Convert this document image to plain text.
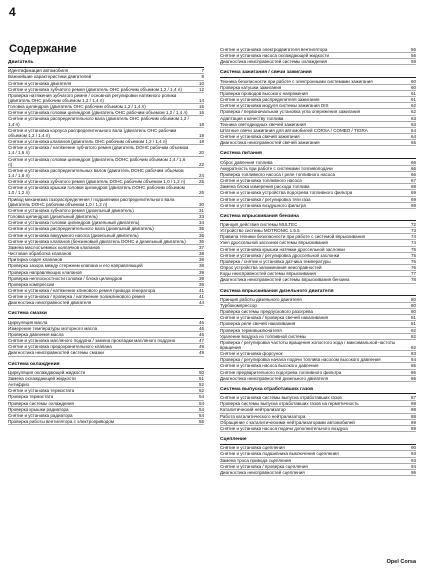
4
Содержание
Двигатель
Идентификация автомобиля	7
Важнейшие характеристики двигателей	9
Снятие и установка двигателя	10
Снятие и установка зубчатого ремня (двигатель ОНС рабочим объемом 1,2 / 1,4 л)	12
Проверка натяжения зубчатого ремня / основной регулировки натяжного ролика (двигатель ОНС рабочим объемом 1,2 / 1,4 л)	14
Головка цилиндров (двигатель ОНС рабочим объемом 1,2 / 1,4 л)	15
Снятие и установка головки цилиндров (двигатель ОНС рабочим объемом 1,2 / 1,4 л)	16
Снятие и установка распределительного вала (двигатель ОНС рабочим объемом 1,2 / 1,4 л)	18
Снятие и установка корпуса распределительного вала (двигатель ОНС рабочим объемом 1,2 / 1,4 л)	19
Снятие и установка клапанов (двигатель ОНС рабочим объемом 1,2 / 1,4 л)	19
Снятие и установка / натяжение зубчатого ремня (двигатель DOHC рабочим объемом 1,4 / 1,6 л)	20
Снятие и установка головки цилиндров (двигатель DOHC рабочим объемом 1,4 / 1,6 л)	22
Снятие и установка распределительных валов (двигатель DOHC рабочим объемом 1,4 / 1,6 л)	24
Снятие и установка зубчатого ремня (двигатель DOHC рабочим объемом 1,0 / 1,2 л)	25
Снятие и установка крышки головки цилиндров (двигатель DOHC рабочим объемом 1,0 / 1,2 л)	26
Привод механизма газораспределения / подшипники распределительного вала (двигатель DOHC рабочим объемом 1,0 / 1,2 л)	30
Снятие и установка зубчатого ремня (дизельный двигатель)	31
Головка цилиндров (дизельный двигатель)	33
Снятие и установка головки цилиндров (дизельный двигатель)	34
Снятие и установка распределительного вала (дизельный двигатель)	35
Снятие и установка вакуумного насоса (дизельный двигатель)	36
Снятие и установка клапанов (бензиновый двигатель DOHC и дизельный двигатель)	36
Замена маслосъемных колпачков клапанов	37
Чистовая обработка клапанов	38
Притирка седел клапанов	38
Проверка зазора между стержнем клапана и его направляющей	38
Проверка направляющих клапанов	39
Проверка неплоскостности головки / блока цилиндров	39
Проверка компрессии	39
Снятие и установка / натяжение клинового ремня привода генератора	41
Снятие и установка / проверка / натяжение поликлинового ремня	41
Диагностика неисправностей двигателя	44
Система смазки
Циркуляция масла	46
Измерение температуры моторного масла	46
Проверка давления масла	46
Снятие и установка масляного поддона / замена прокладки масляного поддона	47
Снятие и установка предохранительного клапана	49
Диагностика неисправностей системы смазки	49
Система охлаждения
Циркуляция охлаждающей жидкости	50
Замена охлаждающей жидкости	51
Антифриз	52
Снятие и установка термостата	52
Проверка термостата	54
Проверка системы охлаждения	54
Проверка крышки радиатора	54
Снятие и установка радиатора	54
Проверка работы вентилятора с электроприводом	55
Снятие и установка электродвигателя вентилятора	56
Снятие и установка насоса охлаждающей жидкости	56
Диагностика неисправностей системы охлаждения	59
Система зажигания / свечи зажигания
Техника безопасности при работе с электронными системами зажигания	60
Проверка катушки зажигания	60
Проверка проводов высокого напряжения	61
Снятие и установка распределителя зажигания	61
Снятие и установка модуля системы зажигания DIS	62
Проверка / первоначальная установка угла опережения зажигания	62
Адаптация к качеству топлива	63
Техника светодиодных свечей зажигания	63
Штатные свечи зажигания для автомобилей CORSA / COMBO / TIGRA	64
Снятие и установка свечей зажигания	64
Диагностика неисправностей свечей зажигания	65
Система питания
Сброс давления топлива	66
Аккуратность при работе с системами топливоподачи	66
Проверка топливного насоса / реле топливного насоса	66
Снятие и установка топливного насоса	67
Замена блока измерения расхода топлива	68
Снятие и установка устройства подогрева топливного фильтра	69
Снятие и установка / регулировка тяги газа	69
Снятие и установка воздушного фильтра	69
Система впрыскивания бензина
Принцип действия системы MULTEC	72
Устройство системы MOTRONIC 1.5.5	73
Правила техники безопасности при работе с системой впрыскивания	74
Узел дроссельной заслонки системы впрыскивания	74
Снятие и установка крышки натяжки дроссельной заслонки	75
Снятие и установка / регулировка дроссельной заслонки	75
Проверка / снятие и установка датчика температуры	75
Опрос устройства запоминания неисправностей	76
Коды неисправностей системы впрыскивания	77
Диагностика неисправностей системы впрыскивания бензина	78
Система впрыскивания дизельного двигателя
Принцип работы дизельного двигателя	80
Турбокомпрессор	80
Проверка системы предпускового разогрева	80
Снятие и установка / проверка свечей накаливания	81
Проверка реле свечей накаливания	81
Проверка термовыключателя	82
Удаление воздуха из топливной системы	82
Проверка / регулировка частоты вращения холостого хода / максимальной частоты вращения	82
Снятие и установка форсунок	83
Проверка / регулировка начала подачи топлива насосом высокого давления	84
Снятие и установка насоса высокого давления	85
Снятие предварительного подогрева топливного фильтра	86
Диагностика неисправностей дизельного двигателя	86
Система выпуска отработавших газов
Снятие и установка системы выпуска отработавших газов	87
Проверка системы выпуска отработавших газов на герметичность	88
Каталитический нейтрализатор	88
Работа каталитического нейтрализатора	88
Обращение с каталитическими нейтрализаторами автомобилей	89
Снятие и установка насоса подачи дополнительного воздуха	89
Сцепление
Снятие и установка сцепления	90
Снятие и установка подшипника выключения сцепления	93
Замена троса привода сцепления	93
Снятие и установка / проверка сцепления	94
Диагностика неисправностей сцепления	95
Opel Corsa
